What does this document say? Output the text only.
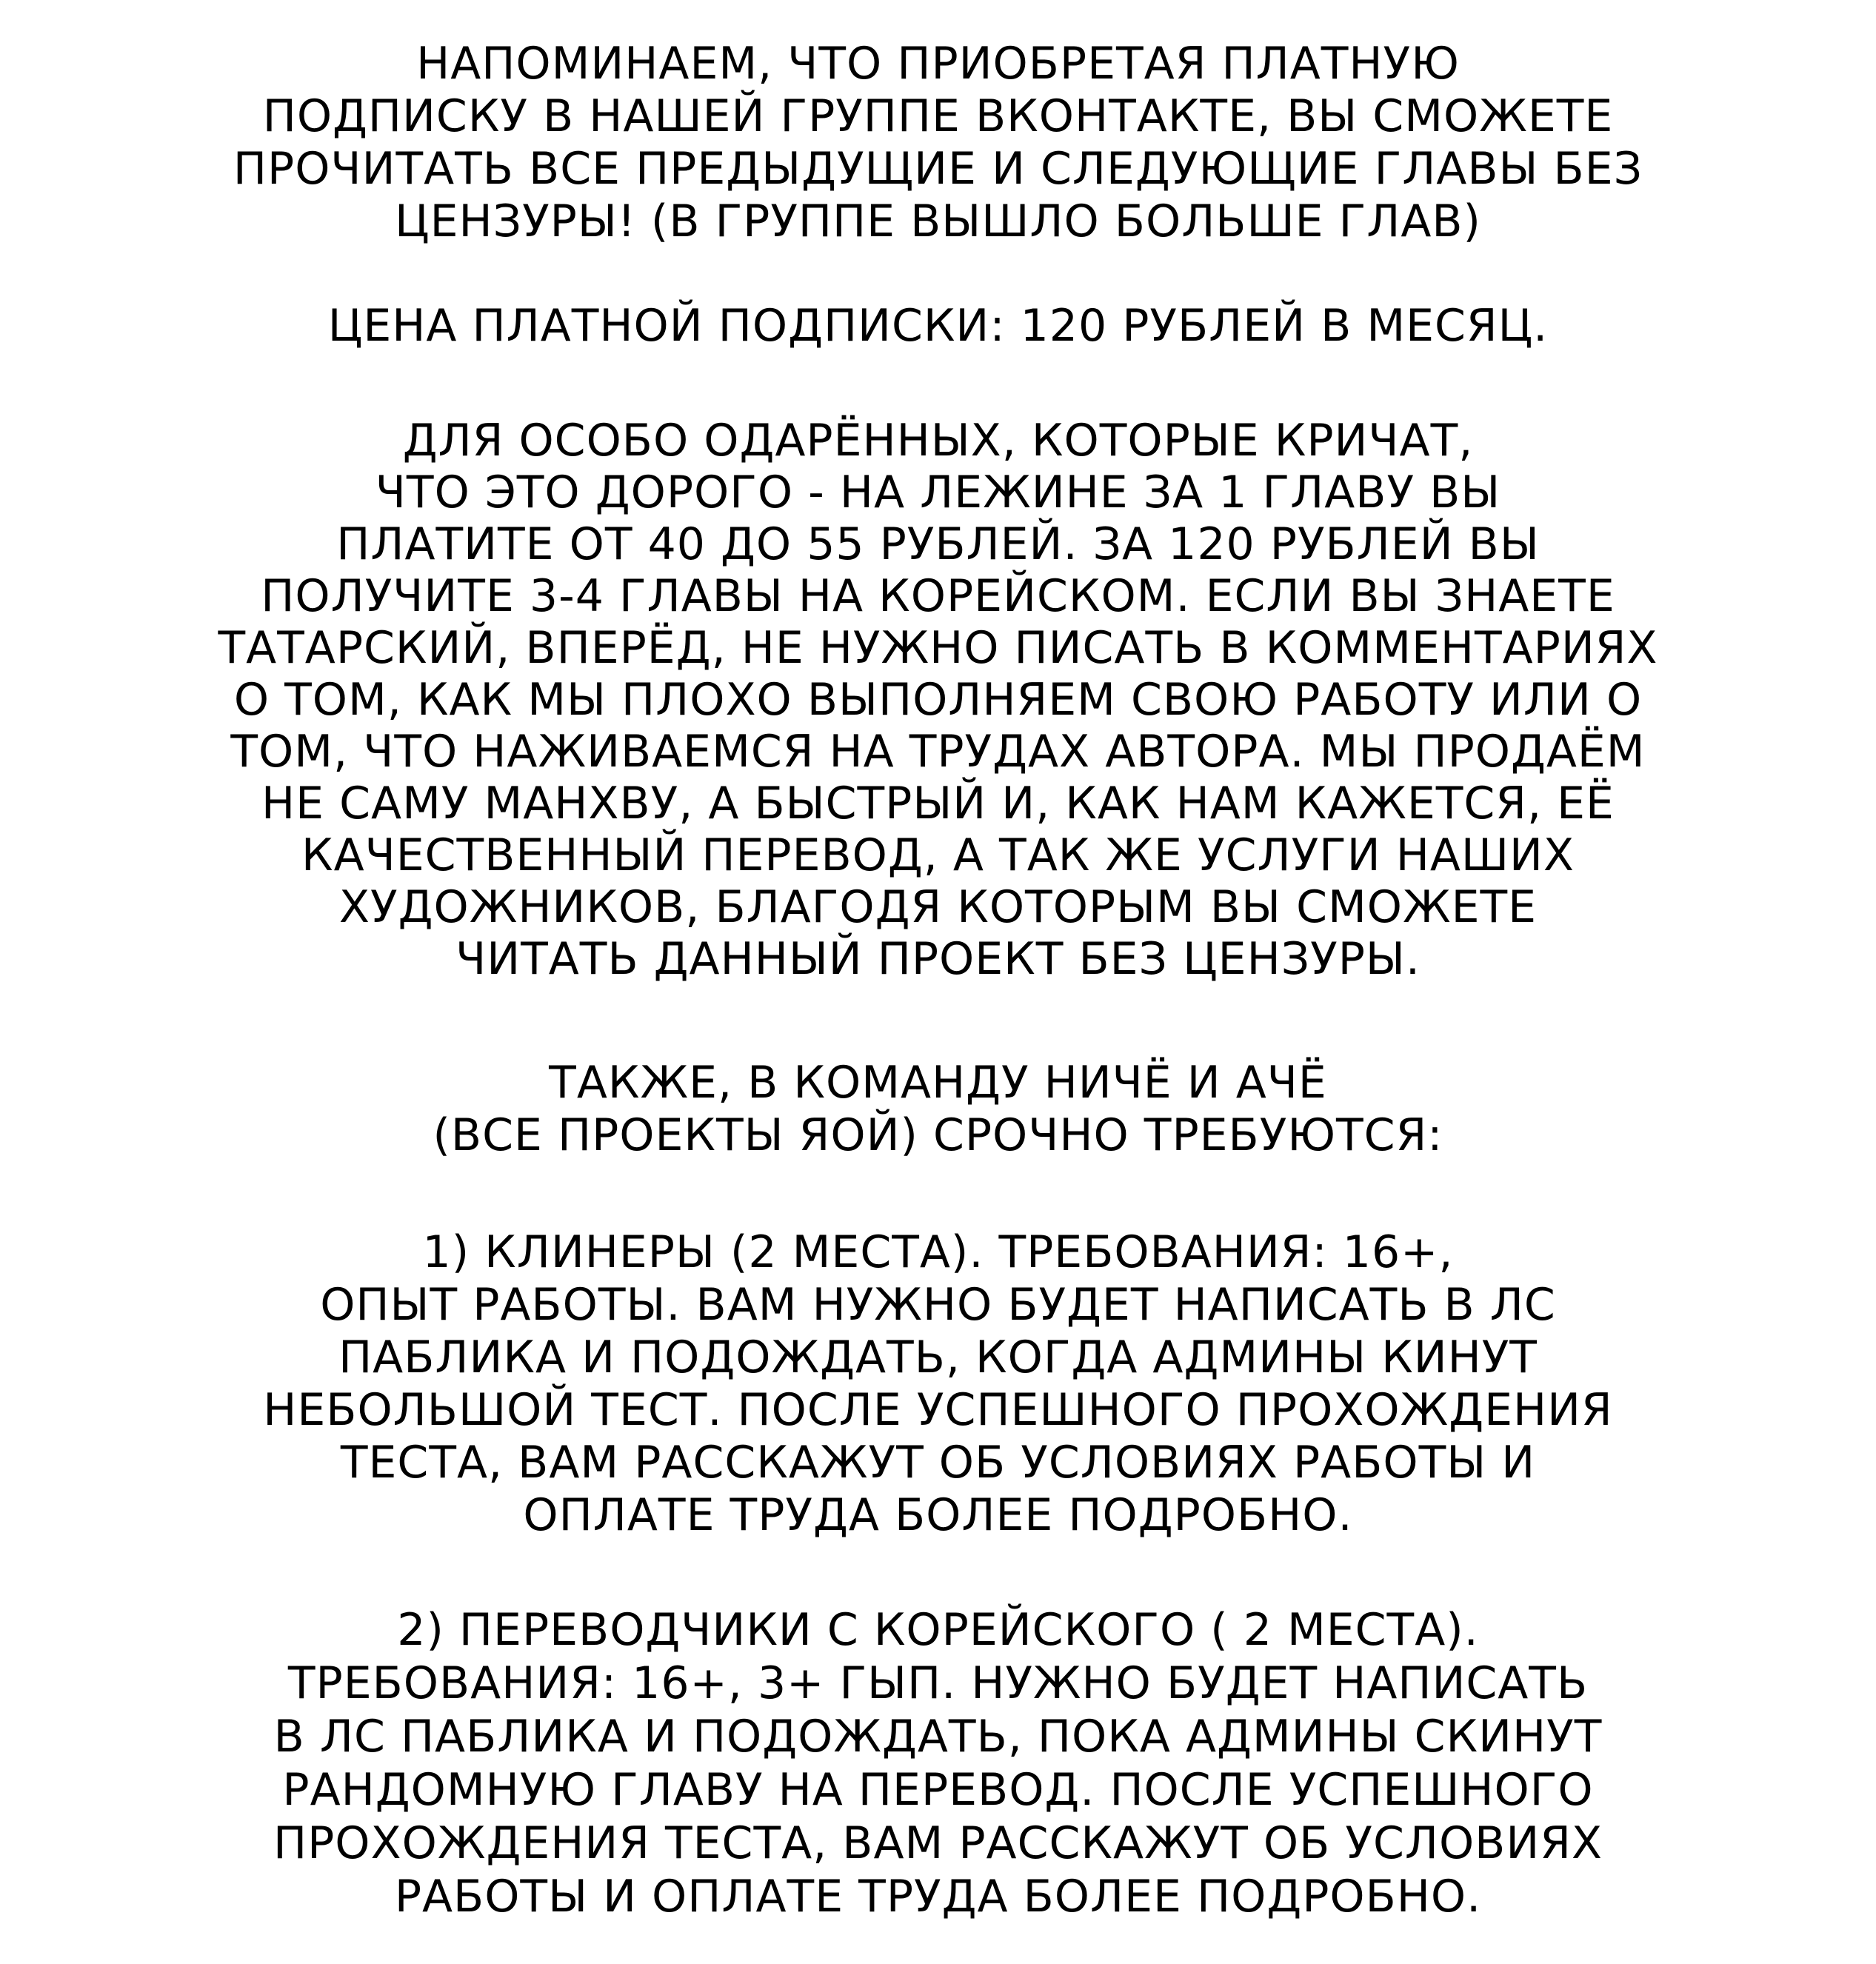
НАПОМИНАЕМ, ЧТО ПРИОБРЕТАЯ ПЛАТНУЮ
ПОДПИСКУ В НАШЕЙ ГРУППЕ ВКОНТАКТЕ, ВЫ СМОЖЕТЕ
ПРОЧИТАТЬ ВСЕ ПРЕДЫДУЩИЕ И СЛЕДУЮЩИЕ ГЛАВЫ БЕЗ
ЦЕНЗУРЫ! (В ГРУППЕ ВЫШЛО БОЛЬШЕ ГЛАВ)

ЦЕНА ПЛАТНОЙ ПОДПИСКИ: 120 РУБЛЕЙ В МЕСЯЦ.

ДЛЯ ОСОБО ОДАРЁННЫХ, КОТОРЫЕ КРИЧАТ,
ЧТО ЭТО ДОРОГО - НА ЛЕЖИНЕ ЗА 1 ГЛАВУ ВЫ
ПЛАТИТЕ ОТ 40 ДО 55 РУБЛЕЙ. ЗА 120 РУБЛЕЙ ВЫ
ПОЛУЧИТЕ 3-4 ГЛАВЫ НА КОРЕЙСКОМ. ЕСЛИ ВЫ ЗНАЕТЕ
ТАТАРСКИЙ, ВПЕРЁД, НЕ НУЖНО ПИСАТЬ В КОММЕНТАРИЯХ
О ТОМ, КАК МЫ ПЛОХО ВЫПОЛНЯЕМ СВОЮ РАБОТУ ИЛИ О
ТОМ, ЧТО НАЖИВАЕМСЯ НА ТРУДАХ АВТОРА. МЫ ПРОДАЁМ
НЕ САМУ МАНХВУ, А БЫСТРЫЙ И, КАК НАМ КАЖЕТСЯ, ЕЁ
КАЧЕСТВЕННЫЙ ПЕРЕВОД, А ТАК ЖЕ УСЛУГИ НАШИХ
ХУДОЖНИКОВ, БЛАГОДЯ КОТОРЫМ ВЫ СМОЖЕТЕ
ЧИТАТЬ ДАННЫЙ ПРОЕКТ БЕЗ ЦЕНЗУРЫ.

ТАКЖЕ, В КОМАНДУ НИЧЁ И АЧЁ
(ВСЕ ПРОЕКТЫ ЯОЙ) СРОЧНО ТРЕБУЮТСЯ:

1) КЛИНЕРЫ (2 МЕСТА). ТРЕБОВАНИЯ: 16+,
ОПЫТ РАБОТЫ. ВАМ НУЖНО БУДЕТ НАПИСАТЬ В ЛС
ПАБЛИКА И ПОДОЖДАТЬ, КОГДА АДМИНЫ КИНУТ
НЕБОЛЬШОЙ ТЕСТ. ПОСЛЕ УСПЕШНОГО ПРОХОЖДЕНИЯ
ТЕСТА, ВАМ РАССКАЖУТ ОБ УСЛОВИЯХ РАБОТЫ И
ОПЛАТЕ ТРУДА БОЛЕЕ ПОДРОБНО.

2) ПЕРЕВОДЧИКИ С КОРЕЙСКОГО ( 2 МЕСТА).
ТРЕБОВАНИЯ: 16+, 3+ ГЫП. НУЖНО БУДЕТ НАПИСАТЬ
В ЛС ПАБЛИКА И ПОДОЖДАТЬ, ПОКА АДМИНЫ СКИНУТ
РАНДОМНУЮ ГЛАВУ НА ПЕРЕВОД. ПОСЛЕ УСПЕШНОГО
ПРОХОЖДЕНИЯ ТЕСТА, ВАМ РАССКАЖУТ ОБ УСЛОВИЯХ
РАБОТЫ И ОПЛАТЕ ТРУДА БОЛЕЕ ПОДРОБНО.
